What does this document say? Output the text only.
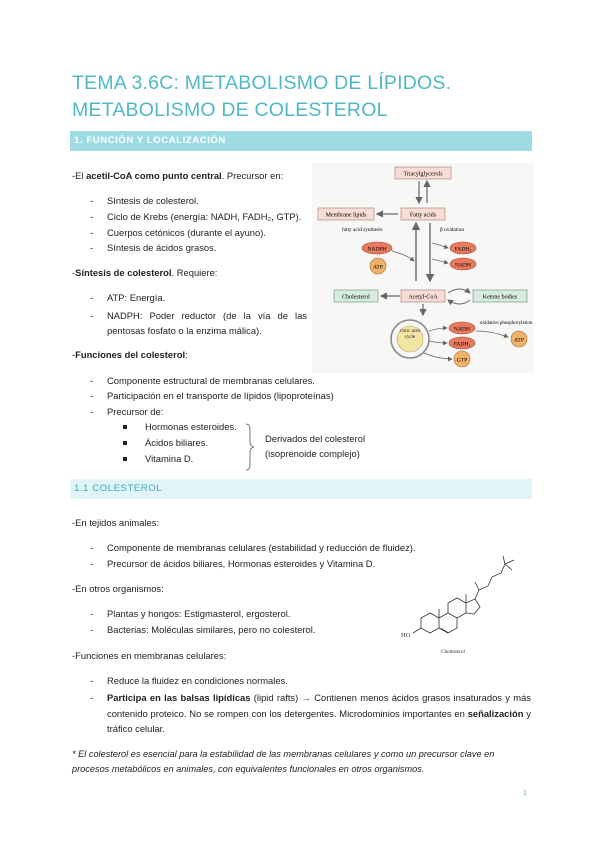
TEMA 3.6C: METABOLISMO DE LÍPIDOS. METABOLISMO DE COLESTEROL
1. FUNCIÓN Y LOCALIZACIÓN
-El acetil-CoA como punto central. Precursor en:
- Síntesis de colesterol.
- Ciclo de Krebs (energía: NADH, FADH₂, GTP).
- Cuerpos cetónicos (durante el ayuno).
- Síntesis de ácidos grasos.
-Síntesis de colesterol. Requiere:
- ATP: Energía.
- NADPH: Poder reductor (de la vía de las pentosas fosfato o la enzima málica).
-Funciones del colesterol:
- Componente estructural de membranas celulares.
- Participación en el transporte de lípidos (lipoproteínas)
- Precursor de:
Hormonas esteroides.
Ácidos biliares.
Vitamina D.
Derivados del colesterol
(isoprenoide complejo)
Triacylglycerols
Membrane lipids	Fatty acids
fatty acid synthesis	β oxidation
NADPH
ATP
FADH₂
NADH
Cholesterol	Acetyl-CoA	Ketone bodies
citric acid cycle
NADH
FADH₂
GTP
oxidative phosphorylation
ATP
1.1 COLESTEROL
-En tejidos animales:
- Componente de membranas celulares (estabilidad y reducción de fluidez).
- Precursor de ácidos biliares, Hormonas esteroides y Vitamina D.
-En otros organismos:
- Plantas y hongos: Estigmasterol, ergosterol.
- Bacterias: Moléculas similares, pero no colesterol.
-Funciones en membranas celulares:
- Reduce la fluidez en condiciones normales.
- Participa en las balsas lipídicas (lipid rafts) → Contienen menos ácidos grasos insaturados y más contenido proteico. No se rompen con los detergentes. Microdominios importantes en señalización y tráfico celular.
HO
Cholesterol
* El colesterol es esencial para la estabilidad de las membranas celulares y como un precursor clave en procesos metabólicos en animales, con equivalentes funcionales en otros organismos.
1
